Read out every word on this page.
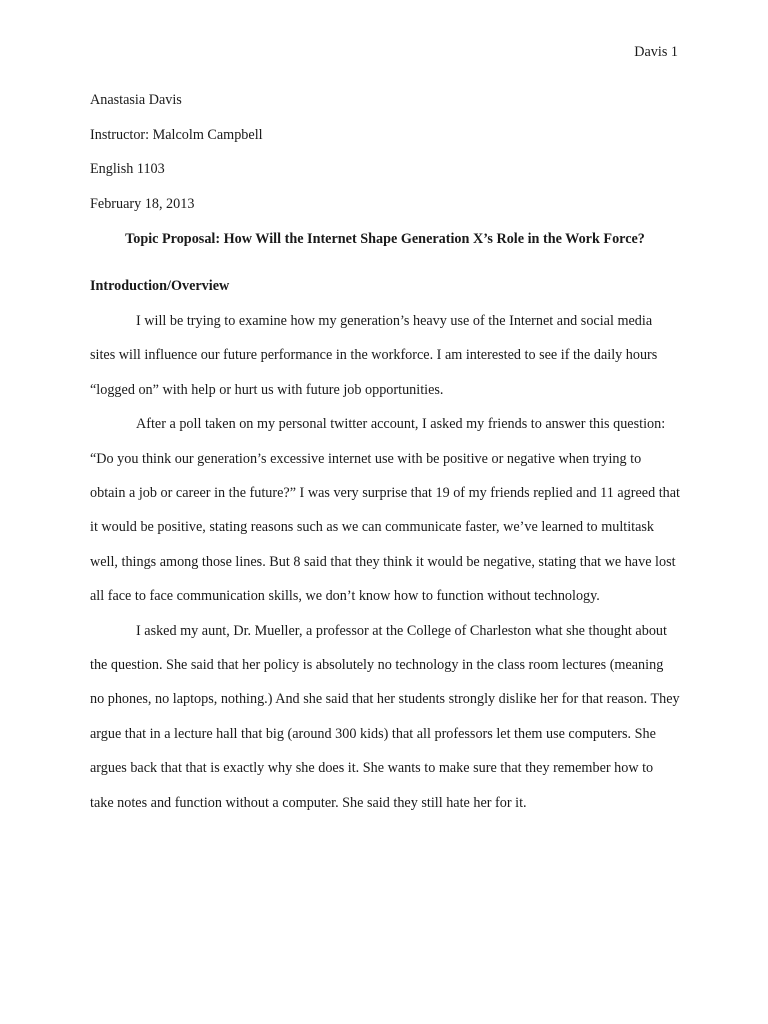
Davis 1
Anastasia Davis
Instructor: Malcolm Campbell
English 1103
February 18, 2013
Topic Proposal: How Will the Internet Shape Generation X’s Role in the Work Force?
Introduction/Overview

I will be trying to examine how my generation’s heavy use of the Internet and social media sites will influence our future performance in the workforce. I am interested to see if the daily hours “logged on” with help or hurt us with future job opportunities.

After a poll taken on my personal twitter account, I asked my friends to answer this question: “Do you think our generation’s excessive internet use with be positive or negative when trying to obtain a job or career in the future?” I was very surprise that 19 of my friends replied and 11 agreed that it would be positive, stating reasons such as we can communicate faster, we’ve learned to multitask well, things among those lines. But 8 said that they think it would be negative, stating that we have lost all face to face communication skills, we don’t know how to function without technology.

I asked my aunt, Dr. Mueller, a professor at the College of Charleston what she thought about the question. She said that her policy is absolutely no technology in the class room lectures (meaning no phones, no laptops, nothing.) And she said that her students strongly dislike her for that reason. They argue that in a lecture hall that big (around 300 kids) that all professors let them use computers. She argues back that that is exactly why she does it. She wants to make sure that they remember how to take notes and function without a computer. She said they still hate her for it.
